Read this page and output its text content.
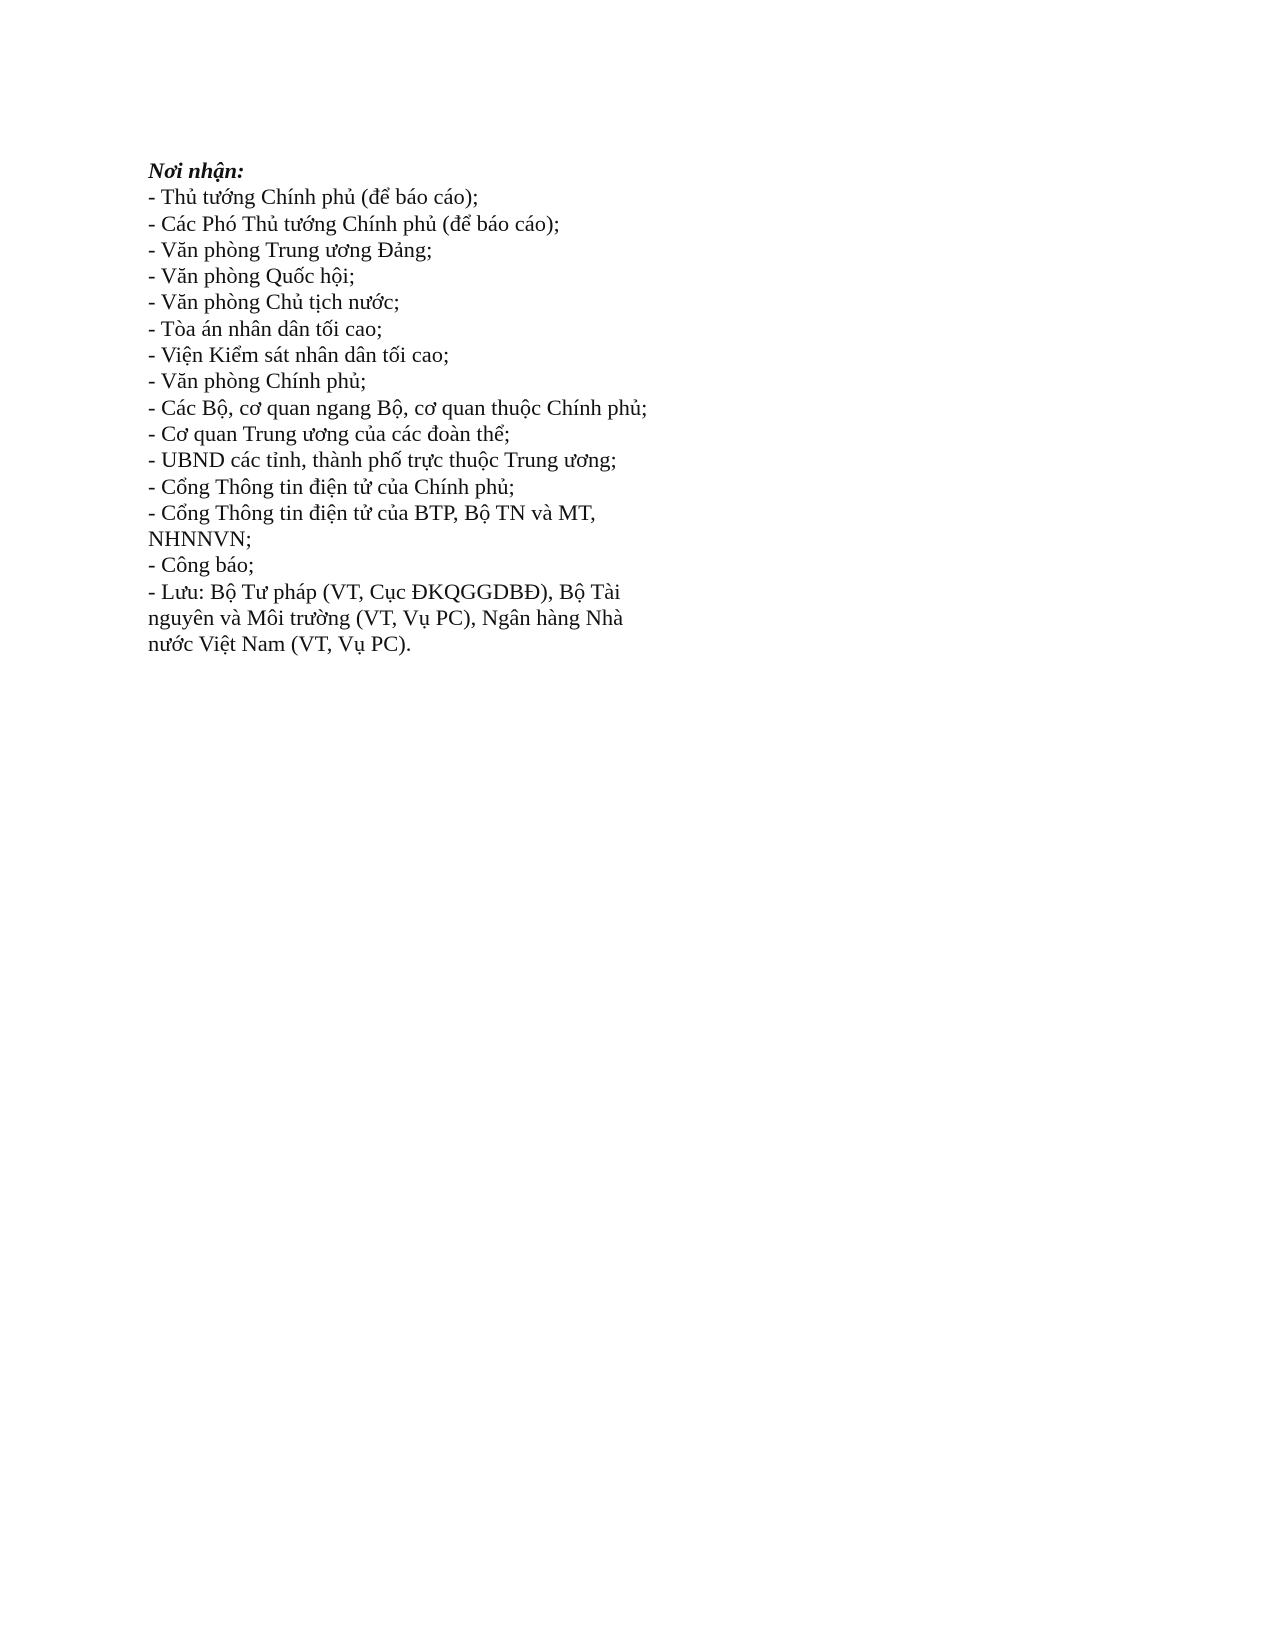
Nơi nhận:
- Thủ tướng Chính phủ (để báo cáo);
- Các Phó Thủ tướng Chính phủ (để báo cáo);
- Văn phòng Trung ương Đảng;
- Văn phòng Quốc hội;
- Văn phòng Chủ tịch nước;
- Tòa án nhân dân tối cao;
- Viện Kiểm sát nhân dân tối cao;
- Văn phòng Chính phủ;
- Các Bộ, cơ quan ngang Bộ, cơ quan thuộc Chính phủ;
- Cơ quan Trung ương của các đoàn thể;
- UBND các tỉnh, thành phố trực thuộc Trung ương;
- Cổng Thông tin điện tử của Chính phủ;
- Cổng Thông tin điện tử của BTP, Bộ TN và MT, NHNNVN;
- Công báo;
- Lưu: Bộ Tư pháp (VT, Cục ĐKQGGDBĐ), Bộ Tài nguyên và Môi trường (VT, Vụ PC), Ngân hàng Nhà nước Việt Nam (VT, Vụ PC).
